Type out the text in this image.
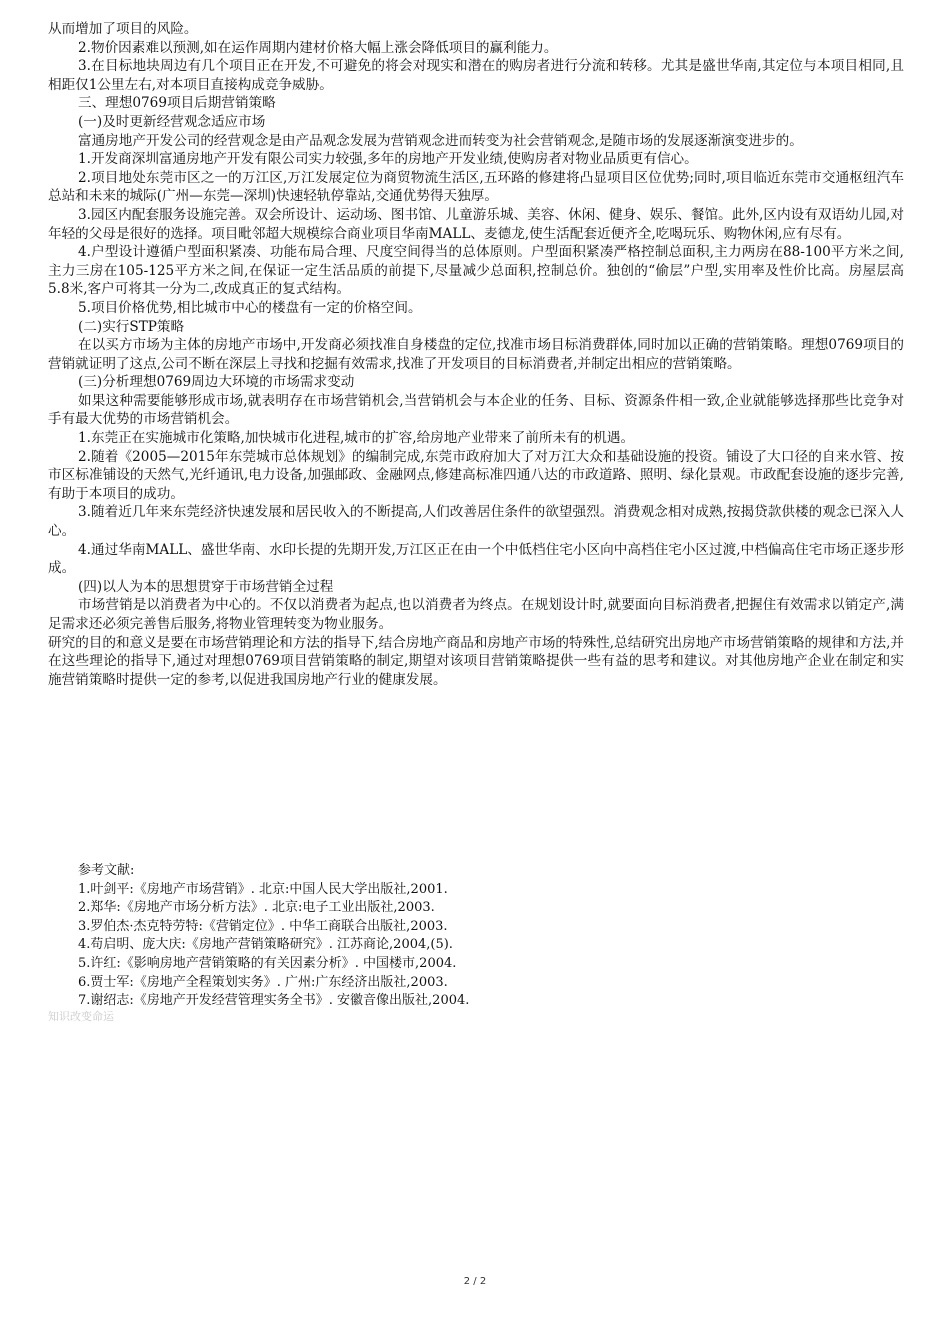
从而增加了项目的风险。

2.物价因素难以预测,如在运作周期内建材价格大幅上涨会降低项目的赢利能力。

3.在目标地块周边有几个项目正在开发,不可避免的将会对现实和潜在的购房者进行分流和转移。尤其是盛世华南,其定位与本项目相同,且相距仅1公里左右,对本项目直接构成竞争威胁。

三、理想0769项目后期营销策略

(一)及时更新经营观念适应市场

富通房地产开发公司的经营观念是由产品观念发展为营销观念进而转变为社会营销观念,是随市场的发展逐渐演变进步的。

1.开发商深圳富通房地产开发有限公司实力较强,多年的房地产开发业绩,使购房者对物业品质更有信心。

2.项目地处东莞市区之一的万江区,万江发展定位为商贸物流生活区,五环路的修建将凸显项目区位优势;同时,项目临近东莞市交通枢纽汽车总站和未来的城际(广州—东莞—深圳)快速轻轨停靠站,交通优势得天独厚。

3.园区内配套服务设施完善。双会所设计、运动场、图书馆、儿童游乐城、美容、休闲、健身、娱乐、餐馆。此外,区内设有双语幼儿园,对年轻的父母是很好的选择。项目毗邻超大规模综合商业项目华南MALL、麦德龙,使生活配套近便齐全,吃喝玩乐、购物休闲,应有尽有。

4.户型设计遵循户型面积紧凑、功能布局合理、尺度空间得当的总体原则。户型面积紧凑严格控制总面积,主力两房在88-100平方米之间,主力三房在105-125平方米之间,在保证一定生活品质的前提下,尽量减少总面积,控制总价。独创的“偷层”户型,实用率及性价比高。房屋层高5.8米,客户可将其一分为二,改成真正的复式结构。

5.项目价格优势,相比城市中心的楼盘有一定的价格空间。

(二)实行STP策略

在以买方市场为主体的房地产市场中,开发商必须找准自身楼盘的定位,找准市场目标消费群体,同时加以正确的营销策略。理想0769项目的营销就证明了这点,公司不断在深层上寻找和挖掘有效需求,找准了开发项目的目标消费者,并制定出相应的营销策略。

(三)分析理想0769周边大环境的市场需求变动

如果这种需要能够形成市场,就表明存在市场营销机会,当营销机会与本企业的任务、目标、资源条件相一致,企业就能够选择那些比竞争对手有最大优势的市场营销机会。

1.东莞正在实施城市化策略,加快城市化进程,城市的扩容,给房地产业带来了前所未有的机遇。

2.随着《2005—2015年东莞城市总体规划》的编制完成,东莞市政府加大了对万江大众和基础设施的投资。铺设了大口径的自来水管、按市区标准铺设的天然气,光纤通讯,电力设备,加强邮政、金融网点,修建高标准四通八达的市政道路、照明、绿化景观。市政配套设施的逐步完善,有助于本项目的成功。

3.随着近几年来东莞经济快速发展和居民收入的不断提高,人们改善居住条件的欲望强烈。消费观念相对成熟,按揭贷款供楼的观念已深入人心。

4.通过华南MALL、盛世华南、水印长提的先期开发,万江区正在由一个中低档住宅小区向中高档住宅小区过渡,中档偏高住宅市场正逐步形成。

(四)以人为本的思想贯穿于市场营销全过程

市场营销是以消费者为中心的。不仅以消费者为起点,也以消费者为终点。在规划设计时,就要面向目标消费者,把握住有效需求以销定产,满足需求还必须完善售后服务,将物业管理转变为物业服务。

研究的目的和意义是要在市场营销理论和方法的指导下,结合房地产商品和房地产市场的特殊性,总结研究出房地产市场营销策略的规律和方法,并在这些理论的指导下,通过对理想0769项目营销策略的制定,期望对该项目营销策略提供一些有益的思考和建议。对其他房地产企业在制定和实施营销策略时提供一定的参考,以促进我国房地产行业的健康发展。

参考文献:
1.叶剑平:《房地产市场营销》. 北京:中国人民大学出版社,2001.
2.郑华:《房地产市场分析方法》. 北京:电子工业出版社,2003.
3.罗伯杰·杰克特劳特:《营销定位》. 中华工商联合出版社,2003.
4.苟启明、庞大庆:《房地产营销策略研究》. 江苏商论,2004,(5).
5.许红:《影响房地产营销策略的有关因素分析》. 中国楼市,2004.
6.贾士军:《房地产全程策划实务》. 广州:广东经济出版社,2003.
7.谢绍志:《房地产开发经营管理实务全书》. 安徽音像出版社,2004.
知识改变命运
2 / 2
